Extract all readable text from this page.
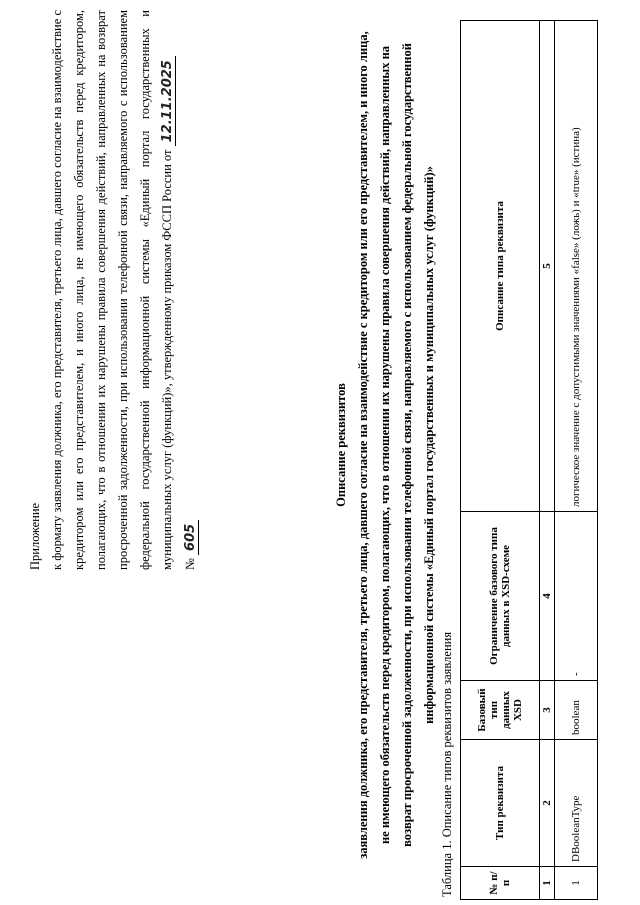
Приложение к формату заявления должника, его представителя, третьего лица, давшего согласие на взаимодействие с кредитором или его представителем, и иного лица, не имеющего обязательств перед кредитором, полагающих, что в отношении их нарушены правила совершения действий, направленных на возврат просроченной задолженности, при использовании телефонной связи, направляемого с использованием федеральной государственной информационной системы «Единый портал государственных и муниципальных услуг (функций)», утвержденному приказом ФССП России от 12.11.2025
№ 605
Описание реквизитов заявления должника, его представителя, третьего лица, давшего согласие на взаимодействие с кредитором или его представителем, и иного лица, не имеющего обязательств перед кредитором, полагающих, что в отношении их нарушены правила совершения действий, направленных на возврат просроченной задолженности, при использовании телефонной связи, направляемого с использованием федеральной государственной информационной системы «Единый портал государственных и муниципальных услуг (функций)»
Таблица 1. Описание типов реквизитов заявления	№ п/п	Тип реквизита	Базовый тип данных XSD	Ограничение базового типа данных в XSD-схеме	Описание типа реквизита
1	2	3	4	5
1	DBooleanType	boolean	-	логическое значение с допустимыми значениями «false» (ложь) и «true» (истина)
